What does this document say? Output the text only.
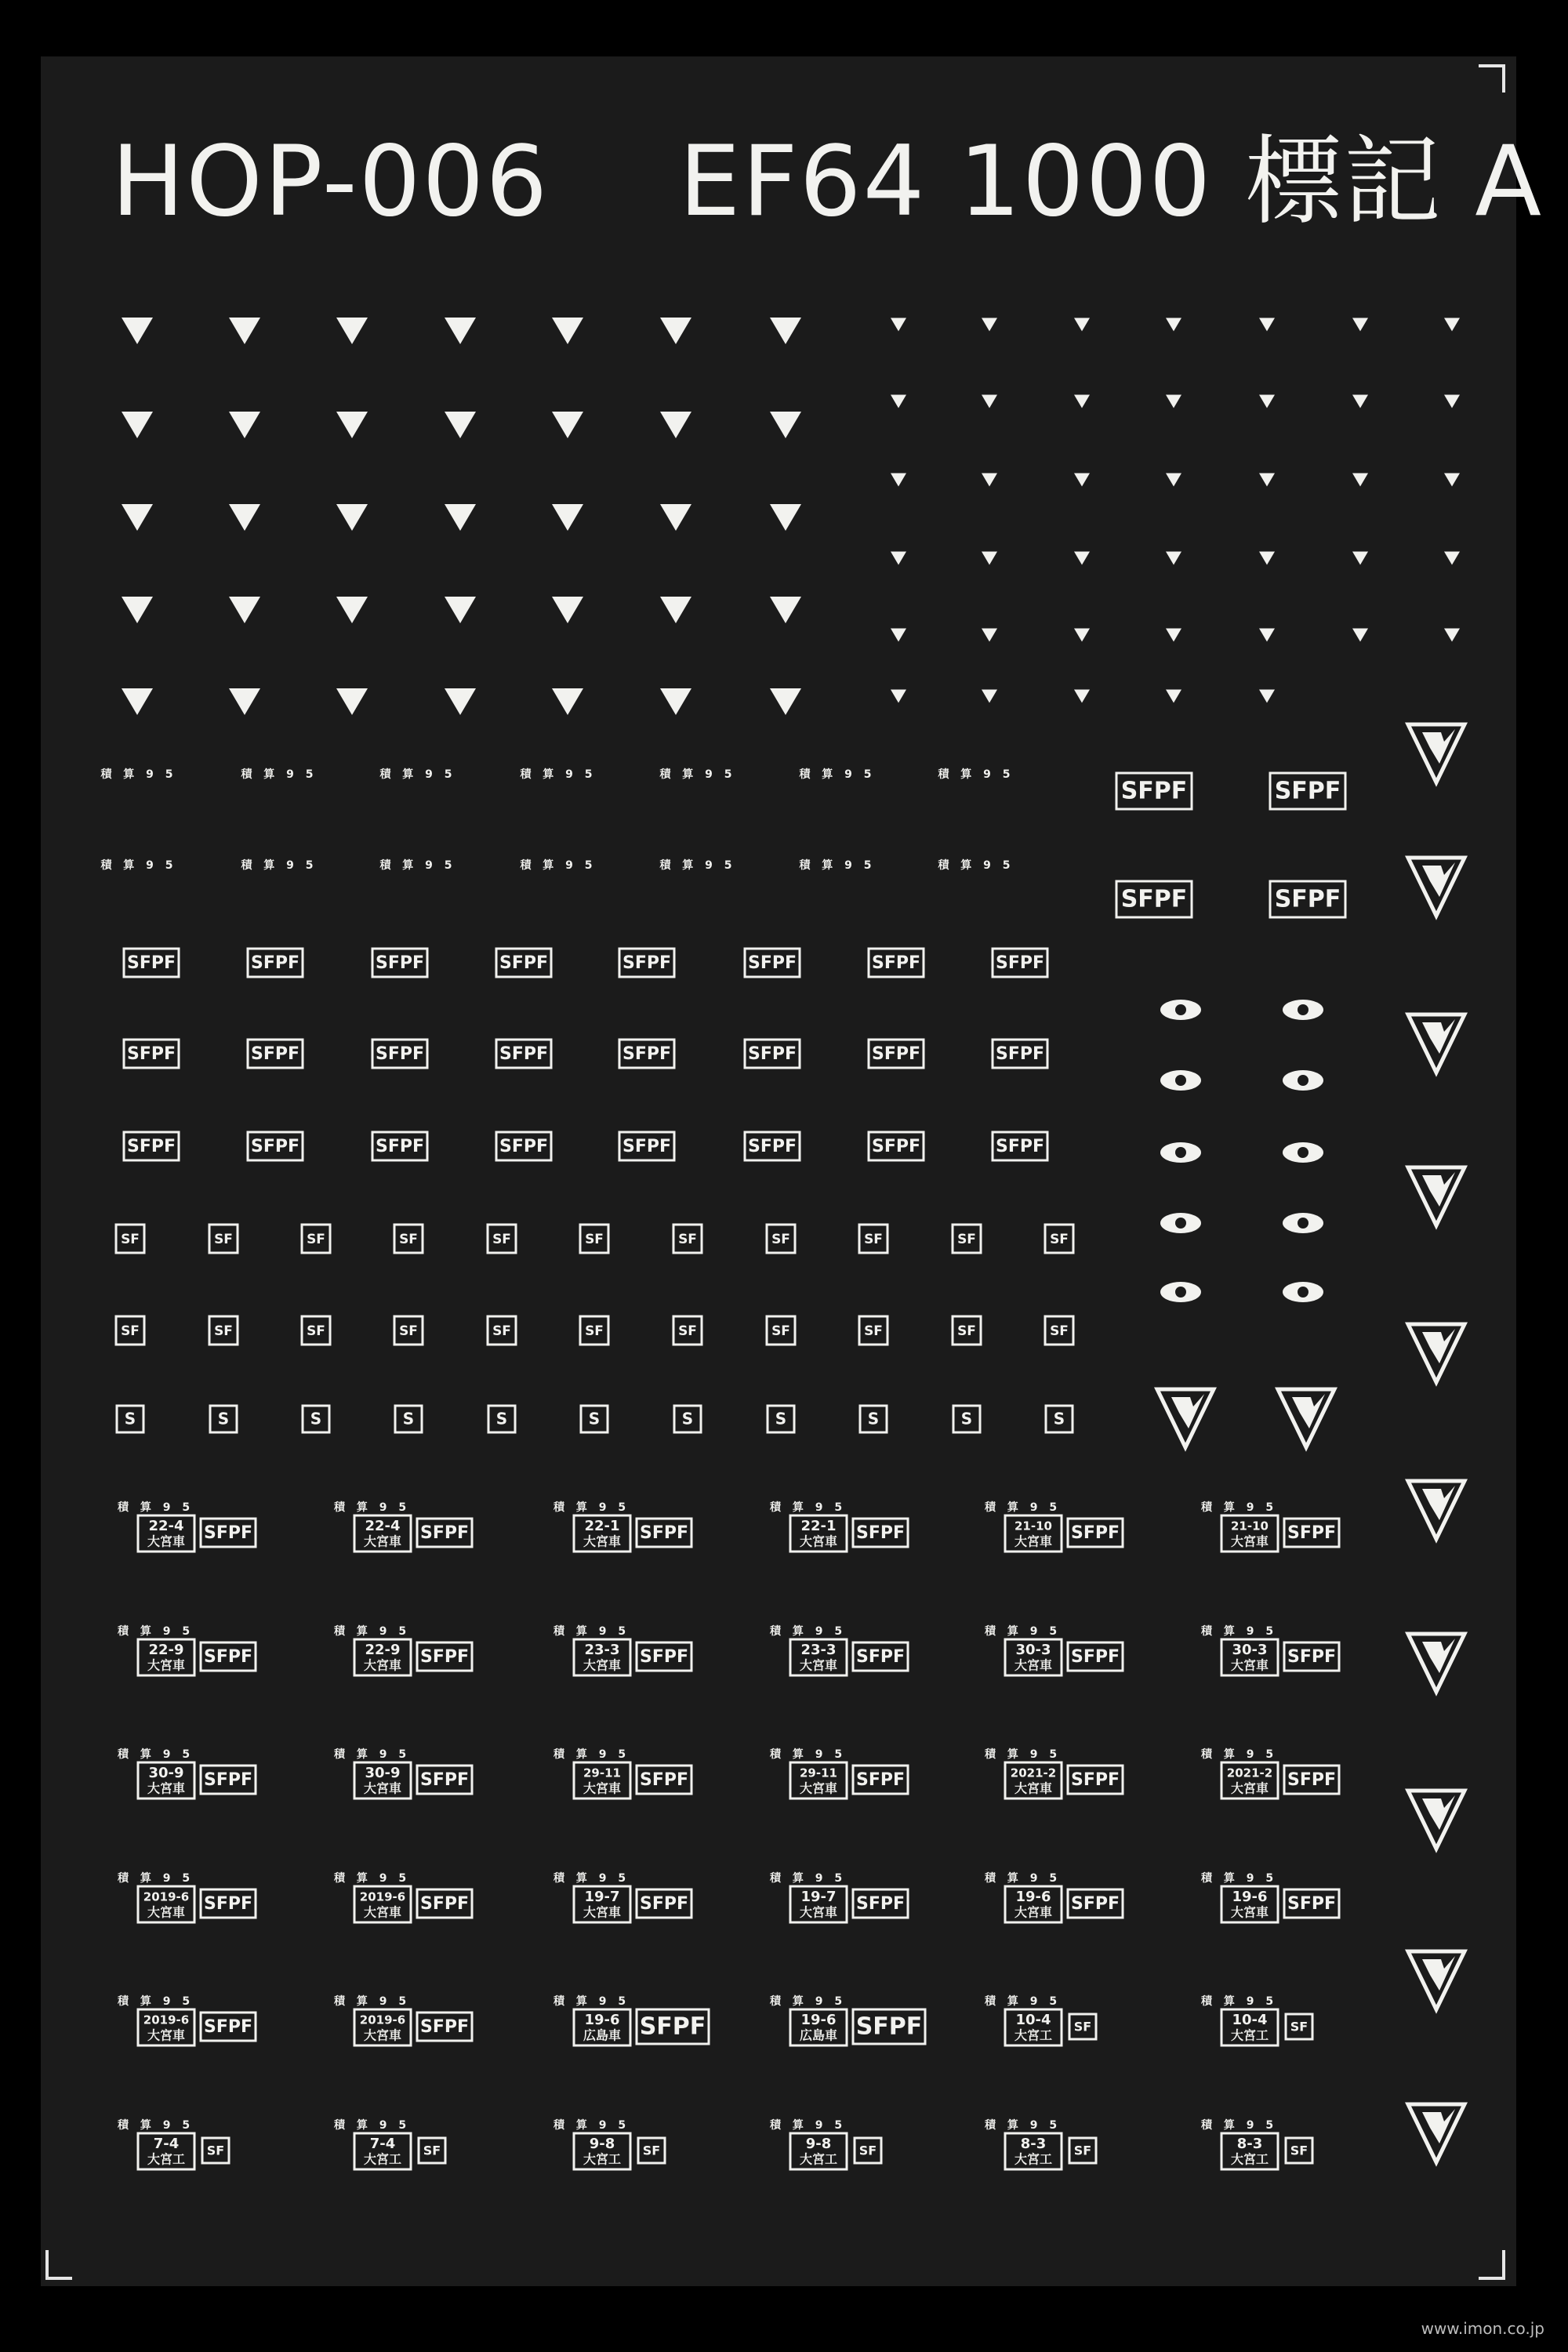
HOP-006    EF64 1000 標記 A
積 算 9 5	積 算 9 5	積 算 9 5	積 算 9 5	積 算 9 5	積 算 9 5	積 算 9 5
積 算 9 5	積 算 9 5	積 算 9 5	積 算 9 5	積 算 9 5	積 算 9 5	積 算 9 5
SFPF	SFPF
SFPF	SFPF
SFPF	SFPF	SFPF	SFPF	SFPF	SFPF	SFPF	SFPF
SFPF	SFPF	SFPF	SFPF	SFPF	SFPF	SFPF	SFPF
SFPF	SFPF	SFPF	SFPF	SFPF	SFPF	SFPF	SFPF
SF	SF	SF	SF	SF	SF	SF	SF	SF	SF	SF
SF	SF	SF	SF	SF	SF	SF	SF	SF	SF	SF
S	S	S	S	S	S	S	S	S	S	S
積 算 9 5
22-4
大宮車 SFPF
積 算 9 5
22-4
大宮車 SFPF
積 算 9 5
22-1
大宮車 SFPF
積 算 9 5
22-1
大宮車 SFPF
積 算 9 5
21-10
大宮車 SFPF
積 算 9 5
21-10
大宮車 SFPF
積 算 9 5
22-9
大宮車 SFPF
積 算 9 5
22-9
大宮車 SFPF
積 算 9 5
23-3
大宮車 SFPF
積 算 9 5
23-3
大宮車 SFPF
積 算 9 5
30-3
大宮車 SFPF
積 算 9 5
30-3
大宮車 SFPF
積 算 9 5
30-9
大宮車 SFPF
積 算 9 5
30-9
大宮車 SFPF
積 算 9 5
29-11
大宮車 SFPF
積 算 9 5
29-11
大宮車 SFPF
積 算 9 5
2021-2
大宮車 SFPF
積 算 9 5
2021-2
大宮車 SFPF
積 算 9 5
2019-6
大宮車 SFPF
積 算 9 5
2019-6
大宮車 SFPF
積 算 9 5
19-7
大宮車 SFPF
積 算 9 5
19-7
大宮車 SFPF
積 算 9 5
19-6
大宮車 SFPF
積 算 9 5
19-6
大宮車 SFPF
積 算 9 5
2019-6
大宮車 SFPF
積 算 9 5
2019-6
大宮車 SFPF
積 算 9 5
19-6
広島車 SFPF
積 算 9 5
19-6
広島車 SFPF
積 算 9 5
10-4
大宮工
SF
積 算 9 5
10-4
大宮工
SF
積 算 9 5
7-4
大宮工
SF
積 算 9 5
7-4
大宮工
SF
積 算 9 5
9-8
大宮工
SF
積 算 9 5
9-8
大宮工
SF
積 算 9 5
8-3
大宮工
SF
積 算 9 5
8-3
大宮工
SF
www.imon.co.jp
